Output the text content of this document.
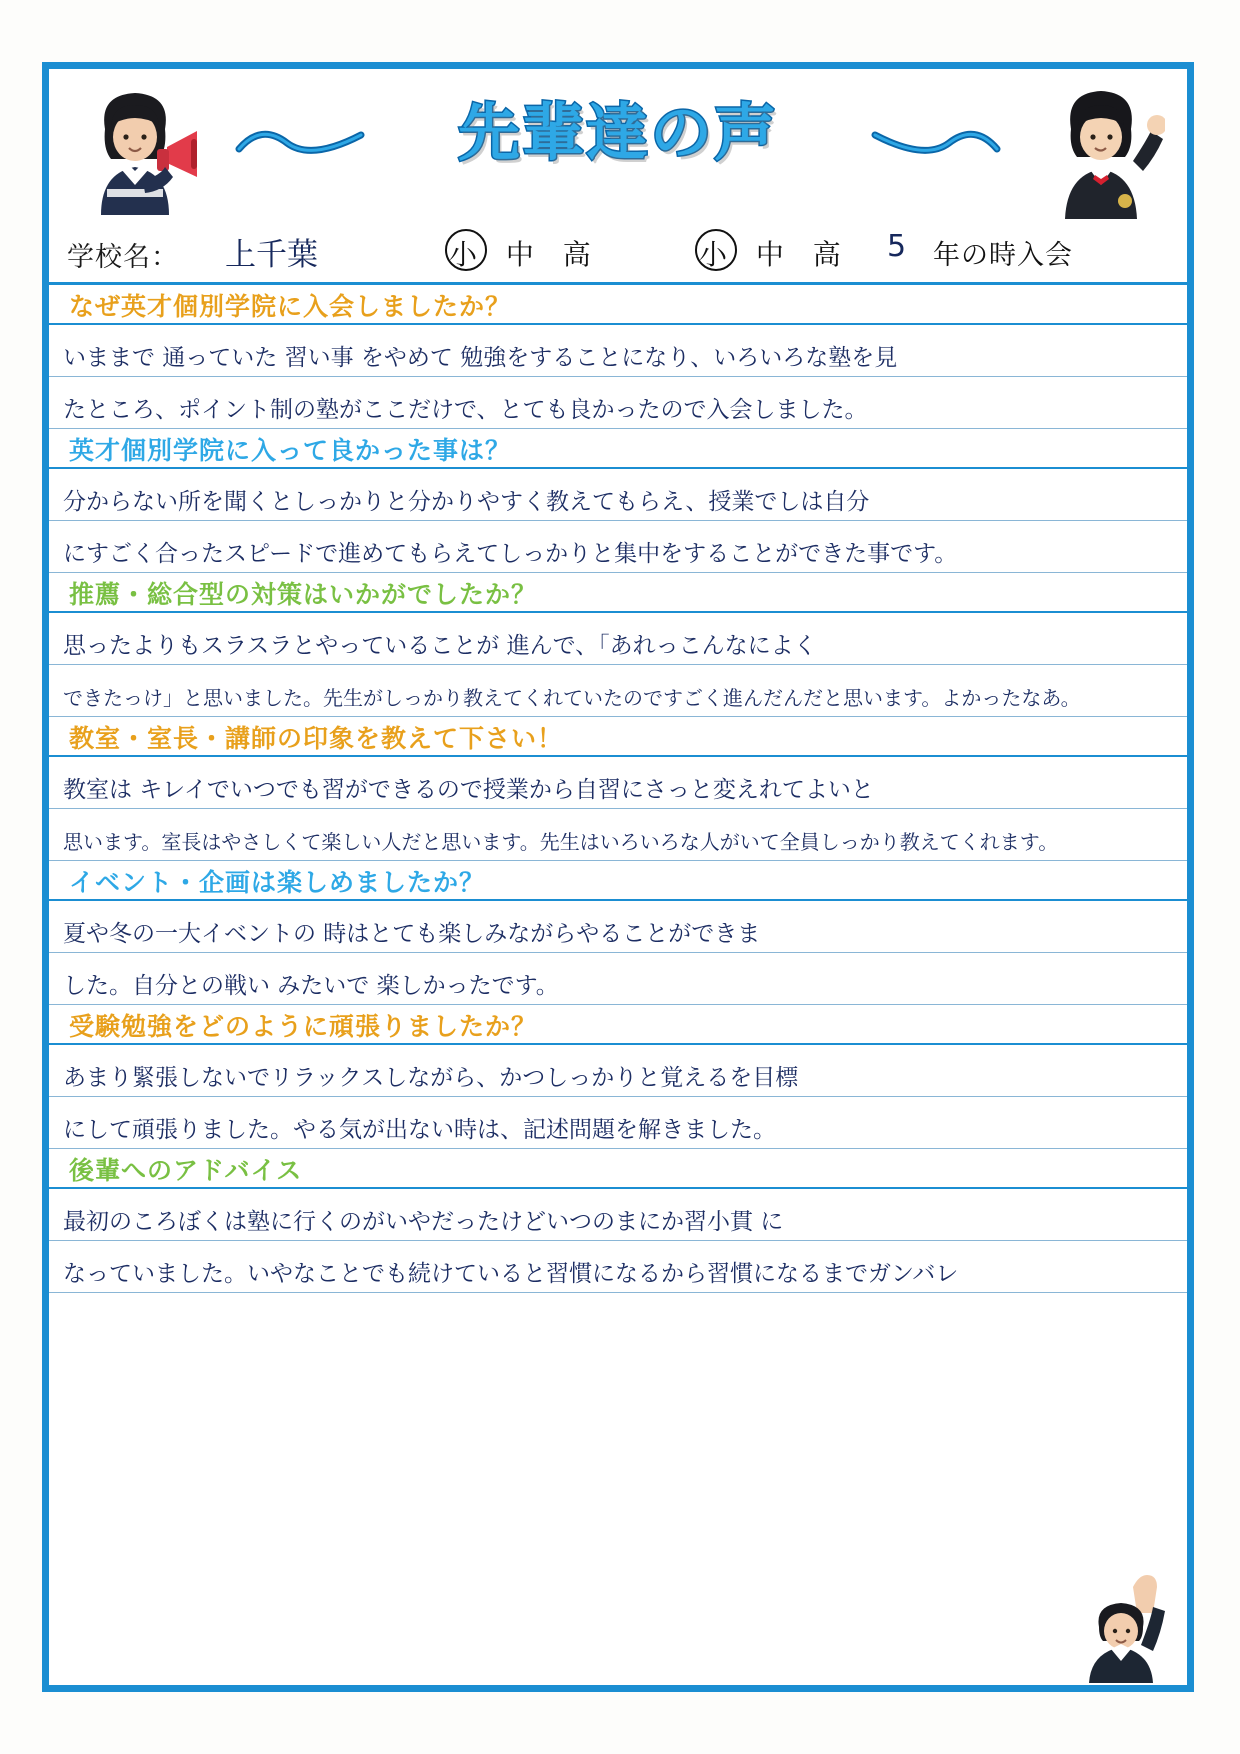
先輩達の声
学校名： 上千葉	小 中 高	小 中 高 5 年の時入会
なぜ英才個別学院に入会しましたか？
いままで 通っていた 習い事 をやめて 勉強をすることになり、いろいろな塾を見
たところ、ポイント制の塾がここだけで、とても良かったので入会しました。
英才個別学院に入って良かった事は？
分からない所を聞くとしっかりと分かりやすく教えてもらえ、授業でしは自分
にすごく合ったスピードで進めてもらえてしっかりと集中をすることができた事です。
推薦・総合型の対策はいかがでしたか？
思ったよりもスラスラとやっていることが 進んで、「あれっこんなによく
できたっけ」と思いました。先生がしっかり教えてくれていたのですごく進んだんだと思います。よかったなあ。
教室・室長・講師の印象を教えて下さい！
教室は キレイでいつでも習ができるので授業から自習にさっと変えれてよいと
思います。室長はやさしくて楽しい人だと思います。先生はいろいろな人がいて全員しっかり教えてくれます。
イベント・企画は楽しめましたか？
夏や冬の一大イベントの 時はとても楽しみながらやることができま
した。自分との戦い みたいで 楽しかったです。
受験勉強をどのように頑張りましたか？
あまり緊張しないでリラックスしながら、かつしっかりと覚えるを目標
にして頑張りました。やる気が出ない時は、記述問題を解きました。
後輩へのアドバイス
最初のころぼくは塾に行くのがいやだったけどいつのまにか習小貫 に
なっていました。いやなことでも続けていると習慣になるから習慣になるまでガンバレ
